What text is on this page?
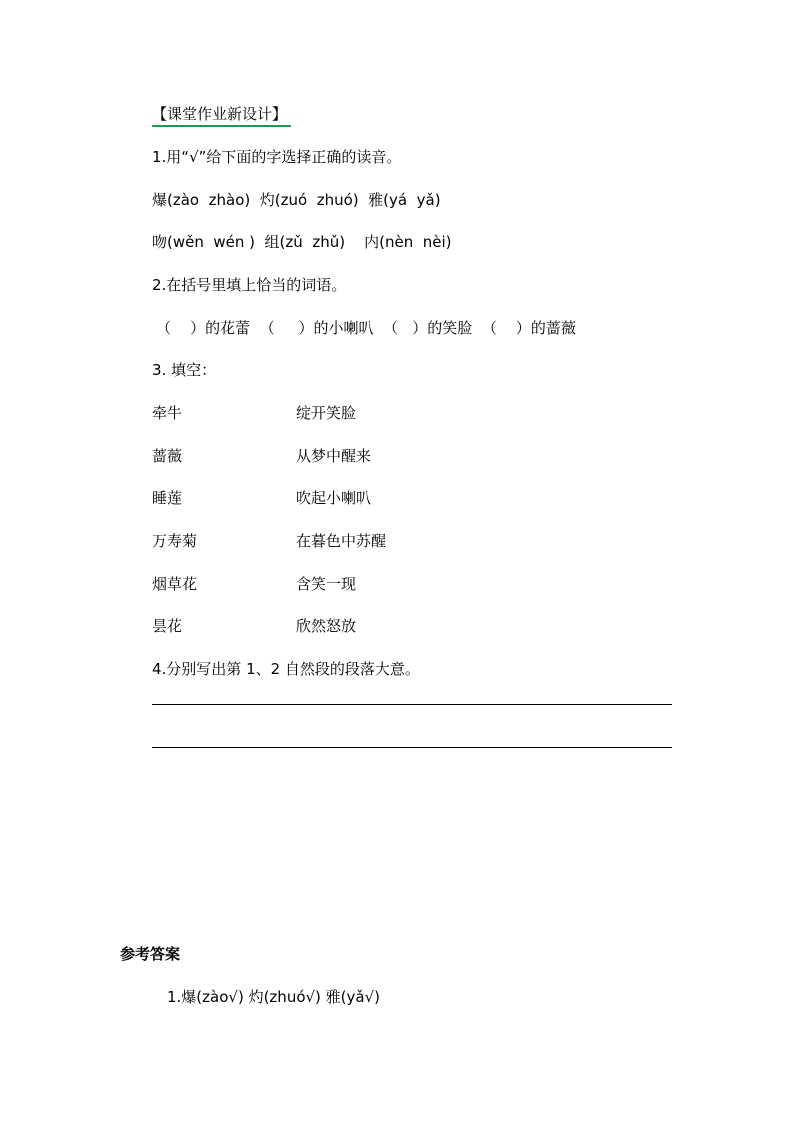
【课堂作业新设计】
1.用“√”给下面的字选择正确的读音。
爆(zào  zhào)  灼(zuó  zhuó)  雅(yá  yǎ)
吻(wěn  wén )  组(zǔ  zhǔ)    内(nèn  nèi)
2.在括号里填上恰当的词语。
（    ）的花蕾  （     ）的小喇叭  （   ）的笑脸  （    ）的蔷薇
3. 填空：
牵牛	绽开笑脸
蔷薇	从梦中醒来
睡莲	吹起小喇叭
万寿菊	在暮色中苏醒
烟草花	含笑一现
昙花	欣然怒放
4.分别写出第 1、2 自然段的段落大意。
参考答案
1.爆(zào√) 灼(zhuó√) 雅(yǎ√)
